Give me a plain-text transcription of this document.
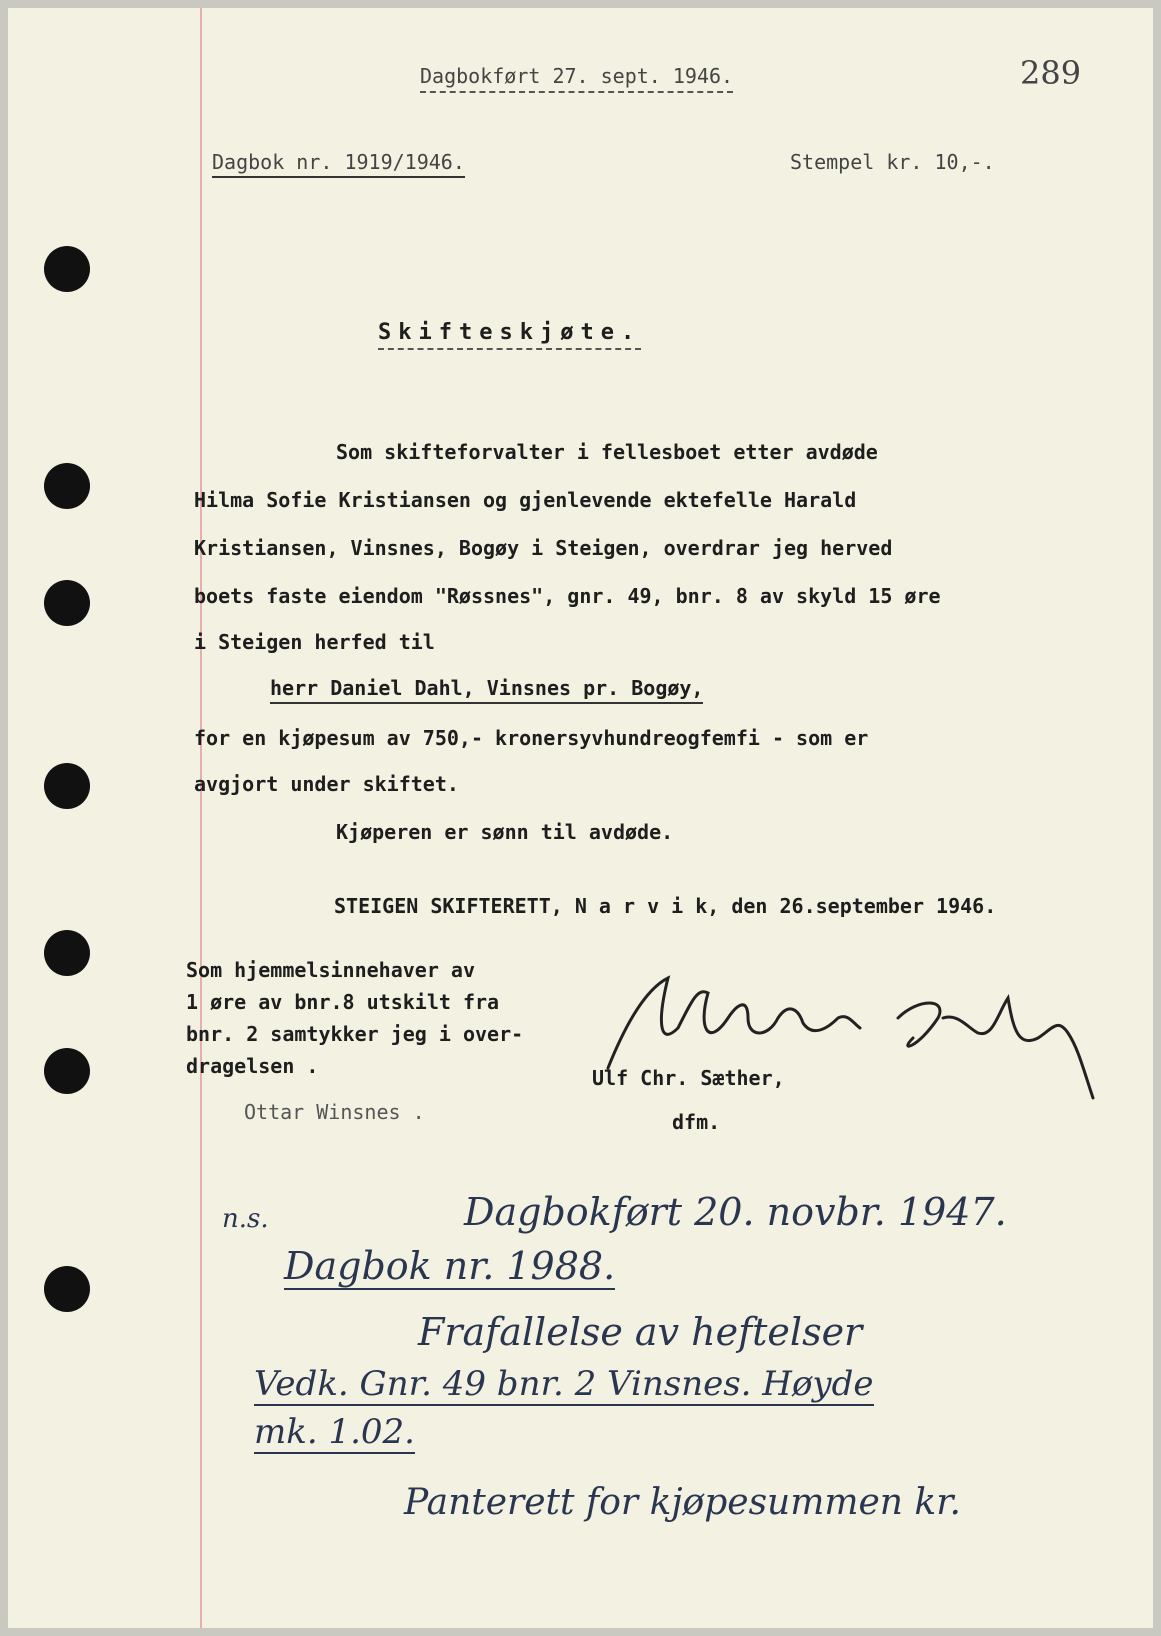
Dagbokført 27. sept. 1946.	289
Dagbok nr. 1919/1946.	Stempel kr. 10,-.
Skifteskjøte.
Som skifteforvalter i fellesboet etter avdøde
Hilma Sofie Kristiansen og gjenlevende ektefelle Harald
Kristiansen, Vinsnes, Bogøy i Steigen, overdrar jeg herved
boets faste eiendom "Røssnes", gnr. 49, bnr. 8 av skyld 15 øre
i Steigen herfed til
herr Daniel Dahl, Vinsnes pr. Bogøy,
for en kjøpesum av 750,- kronersyvhundreogfemfi - som er
avgjort under skiftet.
Kjøperen er sønn til avdøde.
STEIGEN SKIFTERETT, N a r v i k, den 26.september 1946.
Som hjemmelsinnehaver av
1 øre av bnr.8 utskilt fra
bnr. 2 samtykker jeg i over-
dragelsen .
Ottar Winsnes .
Ulf Chr. Sæther,
dfm.
n.s.	Dagbokført 20. novbr. 1947.
Dagbok nr. 1988.
Frafallelse av heftelser
Vedk. Gnr. 49 bnr. 2 Vinsnes. Høyde
mk. 1.02.
Panterett for kjøpesummen kr.
